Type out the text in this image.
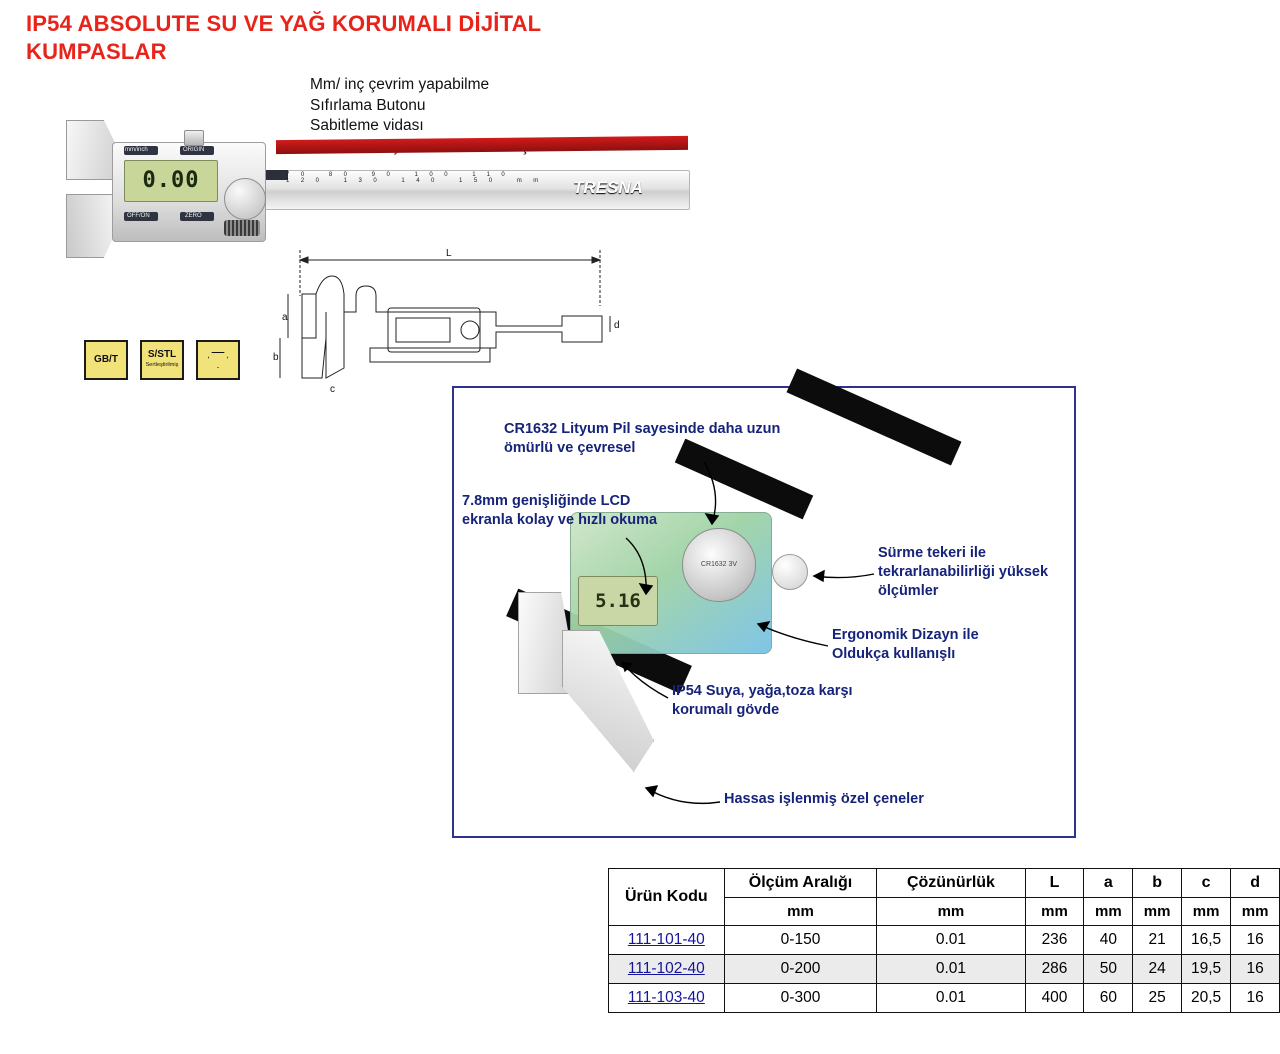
IP54 ABSOLUTE SU VE YAĞ KORUMALI DİJİTAL KUMPASLAR
Mm/ inç çevrim yapabilme
Sıfırlama Butonu
Sabitleme vidası
70 80 90 100 110 120 130 140 150 mm TRESNA
mm/inch	ORIGIN
OFF/ON	ZERO
0.00
GB/T	S/STL
Sertleştirilmiş
L
a
b
d
c
CR1632 3V
5.16
CR1632 Lityum Pil sayesinde daha uzun ömürlü ve çevresel
7.8mm genişliğinde LCD ekranla kolay ve hızlı okuma
Sürme tekeri ile tekrarlanabilirliği yüksek ölçümler
Ergonomik Dizayn ile Oldukça kullanışlı
IP54 Suya, yağa,toza karşı korumalı gövde
Hassas işlenmiş özel çeneler
Ürün Kodu	Ölçüm Aralığı	Çözünürlük	L	a	b	c	d
	mm	mm	mm	mm	mm	mm	mm
111-101-40	0-150	0.01	236	40	21	16,5	16
111-102-40	0-200	0.01	286	50	24	19,5	16
111-103-40	0-300	0.01	400	60	25	20,5	16
